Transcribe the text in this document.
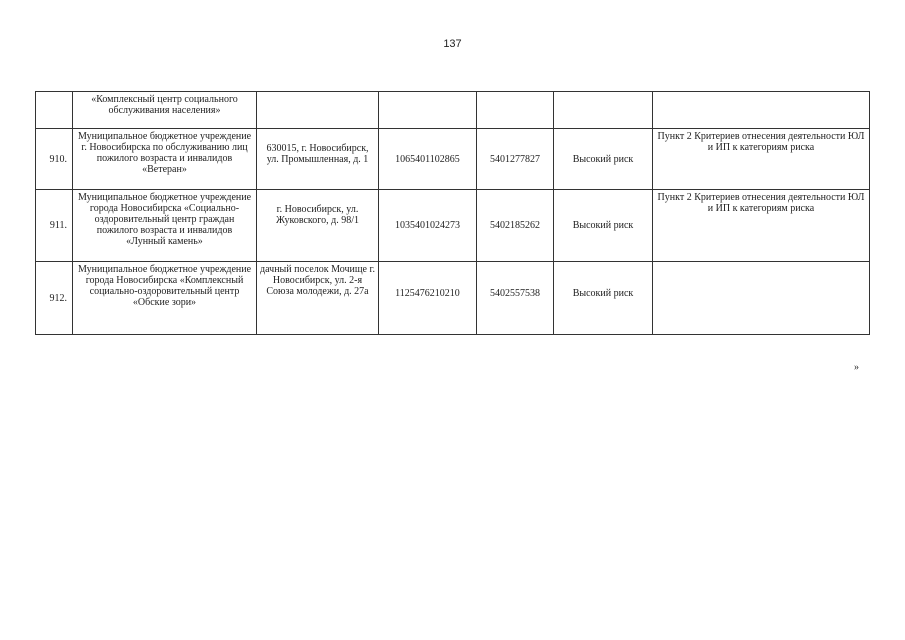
137
	«Комплексный центр социального обслуживания населения»					
910.	Муниципальное бюджетное учреждение г. Новосибирска по обслуживанию лиц пожилого возраста и инвалидов «Ветеран»	630015, г. Новосибирск, ул. Промышленная, д. 1	1065401102865	5401277827	Высокий риск	Пункт 2 Критериев отнесения деятельности ЮЛ и ИП к категориям риска
911.	Муниципальное бюджетное учреждение города Новосибирска «Социально-оздоровительный центр граждан пожилого возраста и инвалидов «Лунный камень»	г. Новосибирск, ул. Жуковского, д. 98/1	1035401024273	5402185262	Высокий риск	Пункт 2 Критериев отнесения деятельности ЮЛ и ИП к категориям риска
912.	Муниципальное бюджетное учреждение города Новосибирска «Комплексный социально-оздоровительный центр «Обские зори»	дачный поселок Мочище г. Новосибирск, ул. 2-я Союза молодежи, д. 27а	1125476210210	5402557538	Высокий риск	
»
